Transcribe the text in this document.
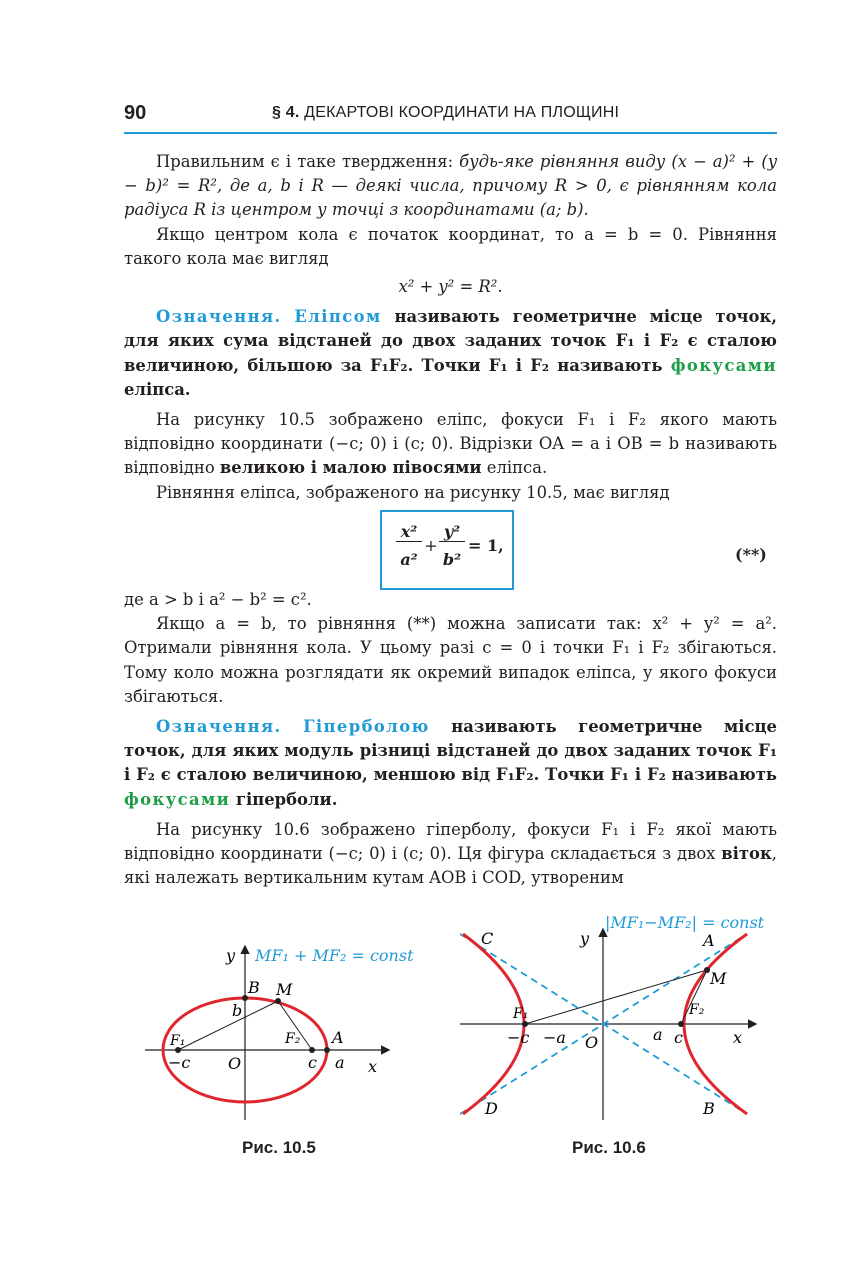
90	§ 4. ДЕКАРТОВІ КООРДИНАТИ НА ПЛОЩИНІ

Правильним є і таке твердження: будь-яке рівняння виду (x − a)² + (y − b)² = R², де a, b і R — деякі числа, причому R > 0, є рівнянням кола радіуса R із центром у точці з координатами (a; b).

Якщо центром кола є початок координат, то a = b = 0. Рівняння такого кола має вигляд

x² + y² = R².

Означення. Еліпсом називають геометричне місце точок, для яких сума відстаней до двох заданих точок F₁ і F₂ є сталою величиною, більшою за F₁F₂. Точки F₁ і F₂ називають фокусами еліпса.

На рисунку 10.5 зображено еліпс, фокуси F₁ і F₂ якого мають відповідно координати (−c; 0) і (c; 0). Відрізки OA = a і OB = b називають відповідно великою і малою півосями еліпса.

Рівняння еліпса, зображеного на рисунку 10.5, має вигляд

x²
a²
+
y²
b²
= 1,	(**)

де a > b і a² − b² = c².

Якщо a = b, то рівняння (**) можна записати так: x² + y² = a². Отримали рівняння кола. У цьому разі c = 0 і точки F₁ і F₂ збігаються. Тому коло можна розглядати як окремий випадок еліпса, у якого фокуси збігаються.

Означення. Гіперболою називають геометричне місце точок, для яких модуль різниці відстаней до двох заданих точок F₁ і F₂ є сталою величиною, меншою від F₁F₂. Точки F₁ і F₂ називають фокусами гіперболи.

На рисунку 10.6 зображено гіперболу, фокуси F₁ і F₂ якої мають відповідно координати (−c; 0) і (c; 0). Ця фігура складається з двох віток, які належать вертикальним кутам AOB і COD, утвореним

y MF₁ + MF₂ = const
B M
b
F₁	F₂ A
−c O	c a x
|MF₁−MF₂| = const
C	y	A
M
F₁	F₂
−c −a O	a c	x
D	B
Рис. 10.5	Рис. 10.6
